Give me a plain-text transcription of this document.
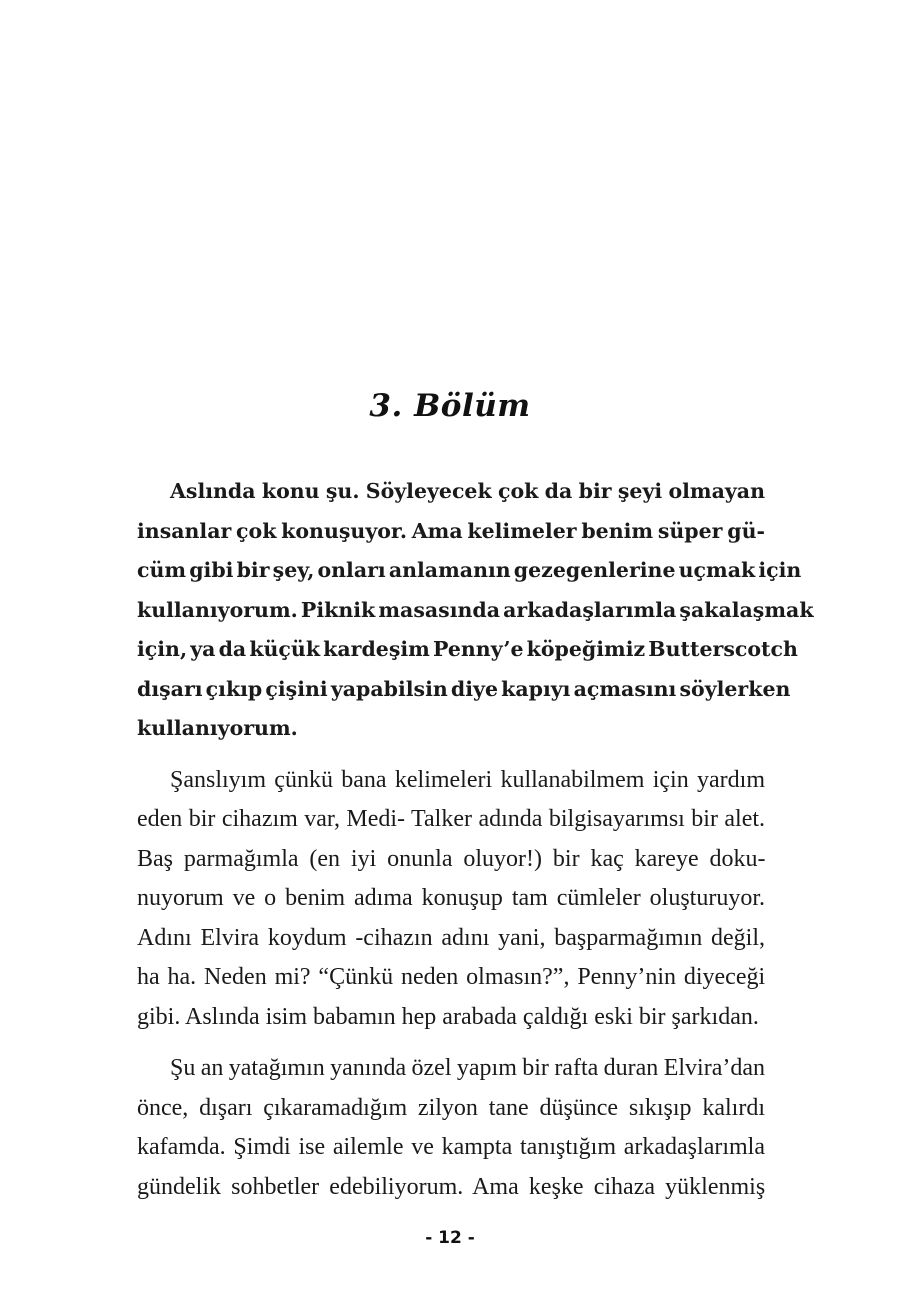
3. Bölüm

Aslında konu şu. Söyleyecek çok da bir şeyi olmayan
insanlar çok konuşuyor. Ama kelimeler benim süper gü-
cüm gibi bir şey, onları anlamanın gezegenlerine uçmak için
kullanıyorum. Piknik masasında arkadaşlarımla şakalaşmak
için, ya da küçük kardeşim Penny’e köpeğimiz Butterscotch
dışarı çıkıp çişini yapabilsin diye kapıyı açmasını söylerken
kullanıyorum.

Şanslıyım çünkü bana kelimeleri kullanabilmem için yardım
eden bir cihazım var, Medi- Talker adında bilgisayarımsı bir alet.
Baş parmağımla (en iyi onunla oluyor!) bir kaç kareye doku-
nuyorum ve o benim adıma konuşup tam cümleler oluşturuyor.
Adını Elvira koydum -cihazın adını yani, başparmağımın değil,
ha ha. Neden mi? “Çünkü neden olmasın?”, Penny’nin diyeceği
gibi. Aslında isim babamın hep arabada çaldığı eski bir şarkıdan.

Şu an yatağımın yanında özel yapım bir rafta duran Elvira’dan
önce, dışarı çıkaramadığım zilyon tane düşünce sıkışıp kalırdı
kafamda. Şimdi ise ailemle ve kampta tanıştığım arkadaşlarımla
gündelik sohbetler edebiliyorum. Ama keşke cihaza yüklenmiş

- 12 -
